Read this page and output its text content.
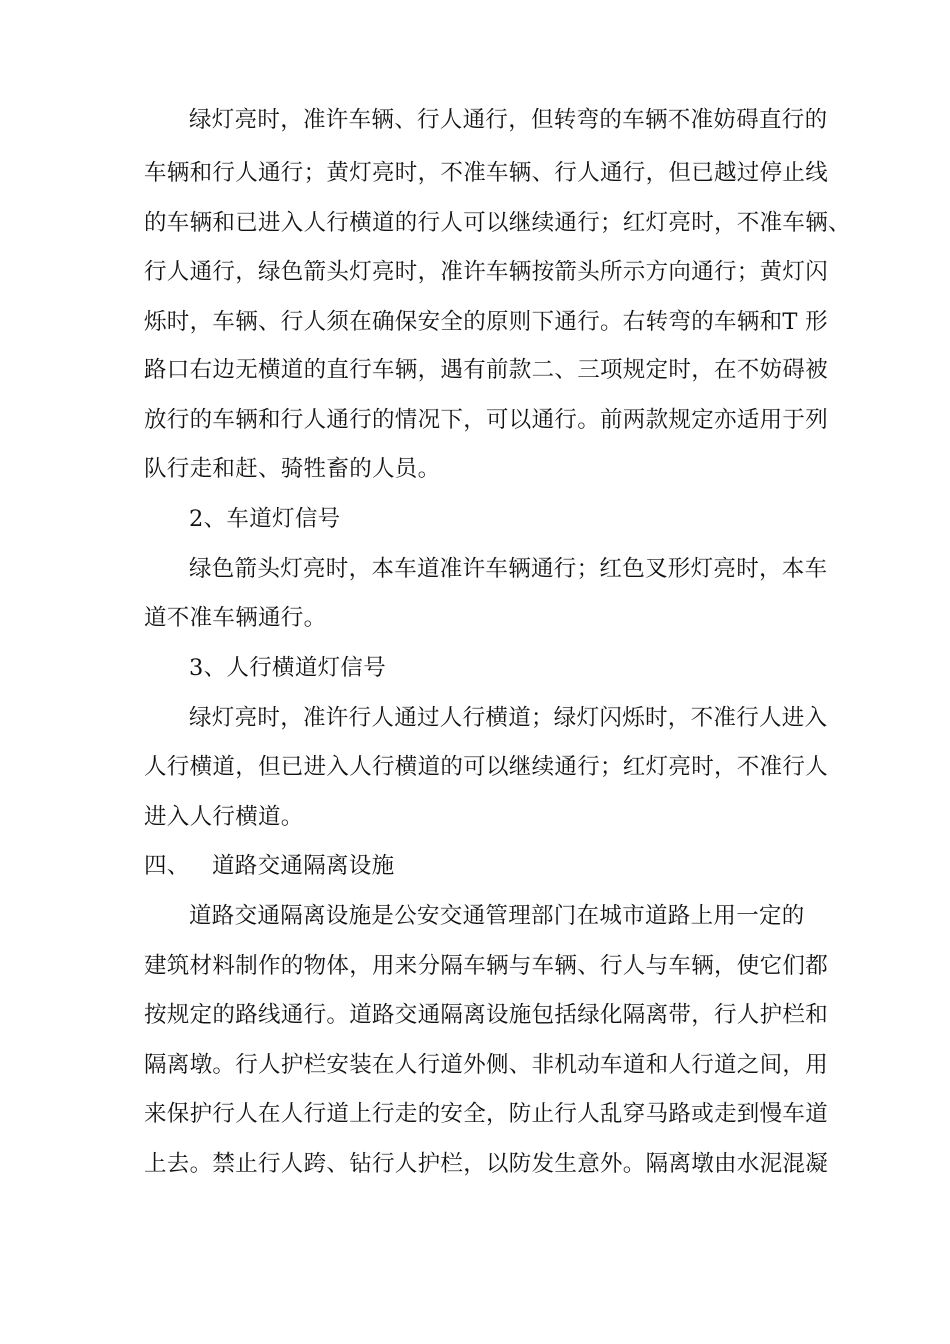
绿灯亮时，准许车辆、行人通行，但转弯的车辆不准妨碍直行的
车辆和行人通行；黄灯亮时，不准车辆、行人通行，但已越过停止线
的车辆和已进入人行横道的行人可以继续通行；红灯亮时，不准车辆、
行人通行，绿色箭头灯亮时，准许车辆按箭头所示方向通行；黄灯闪
烁时，车辆、行人须在确保安全的原则下通行。右转弯的车辆和T 形
路口右边无横道的直行车辆，遇有前款二、三项规定时，在不妨碍被
放行的车辆和行人通行的情况下，可以通行。前两款规定亦适用于列
队行走和赶、骑牲畜的人员。
2、车道灯信号
绿色箭头灯亮时，本车道准许车辆通行；红色叉形灯亮时，本车
道不准车辆通行。
3、人行横道灯信号
绿灯亮时，准许行人通过人行横道；绿灯闪烁时，不准行人进入
人行横道，但已进入人行横道的可以继续通行；红灯亮时，不准行人
进入人行横道。
四、 道路交通隔离设施
道路交通隔离设施是公安交通管理部门在城市道路上用一定的
建筑材料制作的物体，用来分隔车辆与车辆、行人与车辆，使它们都
按规定的路线通行。道路交通隔离设施包括绿化隔离带，行人护栏和
隔离墩。行人护栏安装在人行道外侧、非机动车道和人行道之间，用
来保护行人在人行道上行走的安全，防止行人乱穿马路或走到慢车道
上去。禁止行人跨、钻行人护栏，以防发生意外。隔离墩由水泥混凝
